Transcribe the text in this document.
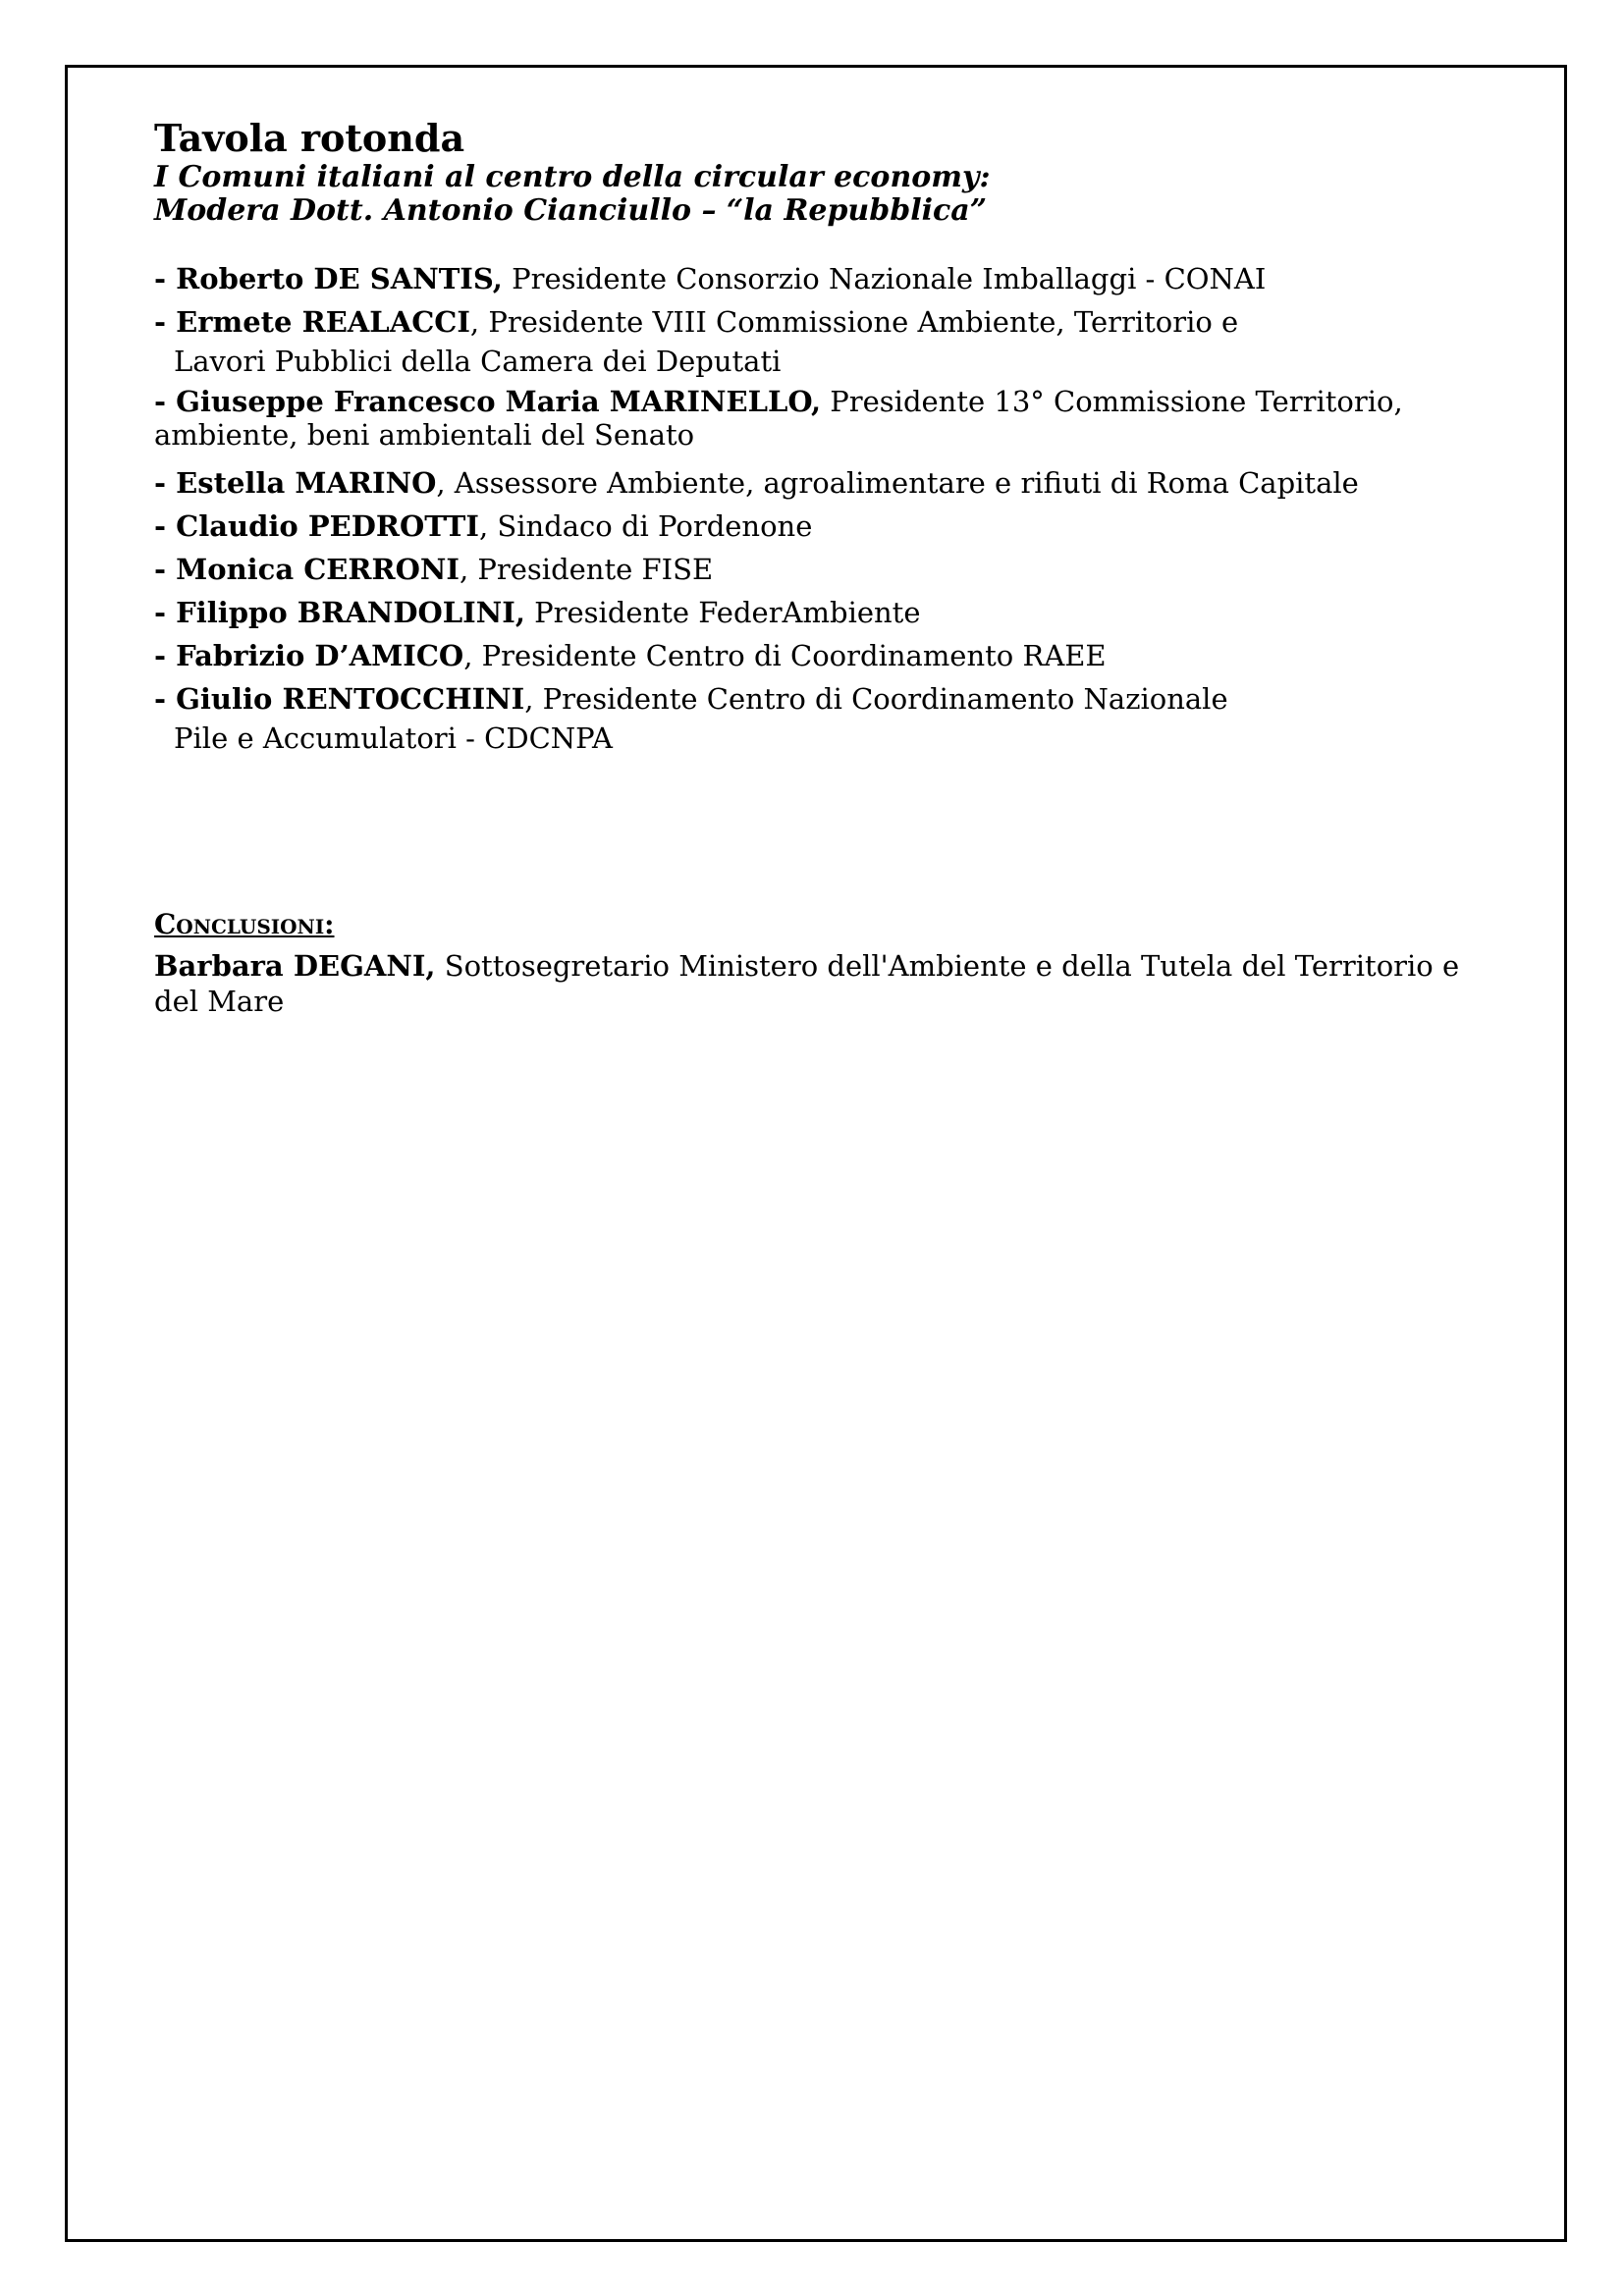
Tavola rotonda

I Comuni italiani al centro della circular economy:

Modera Dott. Antonio Cianciullo – “la Repubblica”

- Roberto DE SANTIS, Presidente Consorzio Nazionale Imballaggi - CONAI
- Ermete REALACCI, Presidente VIII Commissione Ambiente, Territorio e
Lavori Pubblici della Camera dei Deputati
- Giuseppe Francesco Maria MARINELLO, Presidente 13° Commissione Territorio, ambiente, beni ambientali del Senato
- Estella MARINO, Assessore Ambiente, agroalimentare e rifiuti di Roma Capitale
- Claudio PEDROTTI, Sindaco di Pordenone
- Monica CERRONI, Presidente FISE
- Filippo BRANDOLINI, Presidente FederAmbiente
- Fabrizio D’AMICO, Presidente Centro di Coordinamento RAEE
- Giulio RENTOCCHINI, Presidente Centro di Coordinamento Nazionale
Pile e Accumulatori - CDCNPA

Conclusioni:

Barbara DEGANI, Sottosegretario Ministero dell'Ambiente e della Tutela del Territorio e del Mare
